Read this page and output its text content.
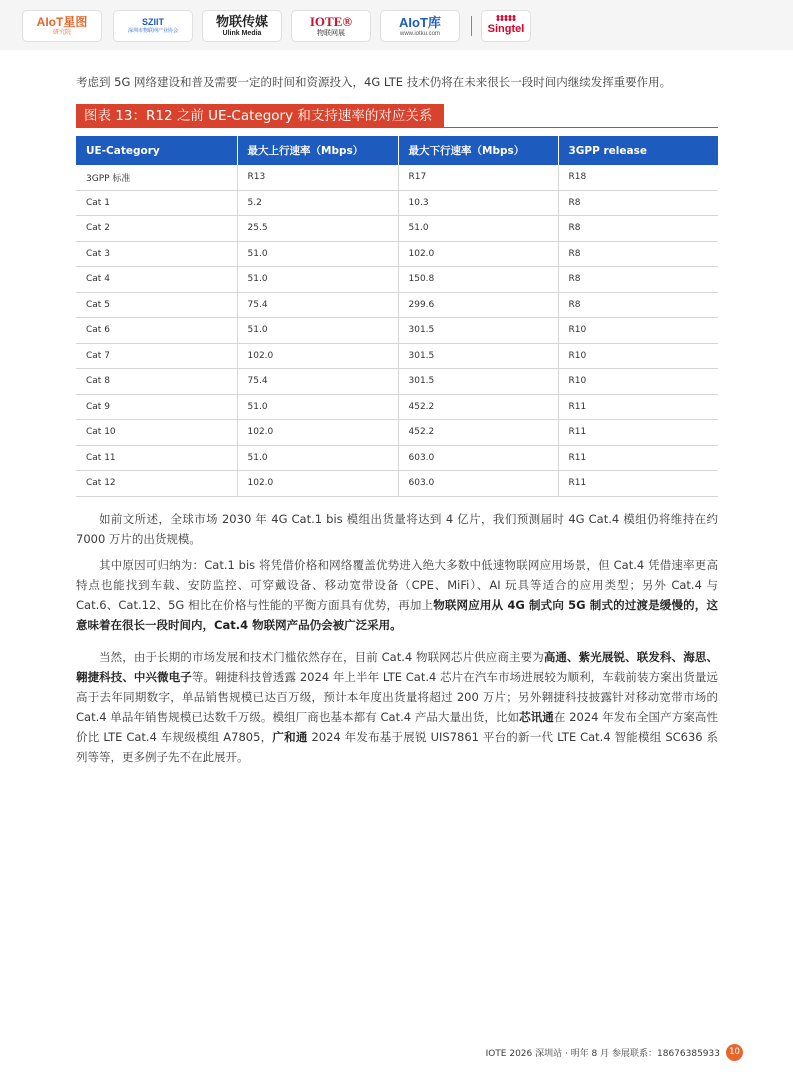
AIoT星图
研究院
SZIIT
深圳市物联网产业协会
物联传媒
Ulink Media
IOTE®
物联网展
AIoT库
www.iotku.com	Singtel

考虑到 5G 网络建设和普及需要一定的时间和资源投入，4G LTE 技术仍将在未来很长一段时间内继续发挥重要作用。

图表 13：R12 之前 UE-Category 和支持速率的对应关系
UE-Category	最大上行速率（Mbps）	最大下行速率（Mbps）	3GPP release
3GPP 标准	R13	R17	R18
Cat 1	5.2	10.3	R8
Cat 2	25.5	51.0	R8
Cat 3	51.0	102.0	R8
Cat 4	51.0	150.8	R8
Cat 5	75.4	299.6	R8
Cat 6	51.0	301.5	R10
Cat 7	102.0	301.5	R10
Cat 8	75.4	301.5	R10
Cat 9	51.0	452.2	R11
Cat 10	102.0	452.2	R11
Cat 11	51.0	603.0	R11
Cat 12	102.0	603.0	R11

如前文所述，全球市场 2030 年 4G Cat.1 bis 模组出货量将达到 4 亿片，我们预测届时 4G Cat.4 模组仍将维持在约 7000 万片的出货规模。

其中原因可归纳为：Cat.1 bis 将凭借价格和网络覆盖优势进入绝大多数中低速物联网应用场景，但 Cat.4 凭借速率更高特点也能找到车载、安防监控、可穿戴设备、移动宽带设备（CPE、MiFi）、AI 玩具等适合的应用类型；另外 Cat.4 与 Cat.6、Cat.12、5G 相比在价格与性能的平衡方面具有优势，再加上物联网应用从 4G 制式向 5G 制式的过渡是缓慢的，这意味着在很长一段时间内，Cat.4 物联网产品仍会被广泛采用。

当然，由于长期的市场发展和技术门槛依然存在，目前 Cat.4 物联网芯片供应商主要为高通、紫光展锐、联发科、海思、翱捷科技、中兴微电子等。翱捷科技曾透露 2024 年上半年 LTE Cat.4 芯片在汽车市场进展较为顺利，车载前装方案出货量远高于去年同期数字，单品销售规模已达百万级，预计本年度出货量将超过 200 万片；另外翱捷科技披露针对移动宽带市场的 Cat.4 单品年销售规模已达数千万级。模组厂商也基本都有 Cat.4 产品大量出货，比如芯讯通在 2024 年发布全国产方案高性价比 LTE Cat.4 车规级模组 A7805，广和通 2024 年发布基于展锐 UIS7861 平台的新一代 LTE Cat.4 智能模组 SC636 系列等等，更多例子先不在此展开。

IOTE 2026 深圳站 · 明年 8 月 参展联系：18676385933	10
